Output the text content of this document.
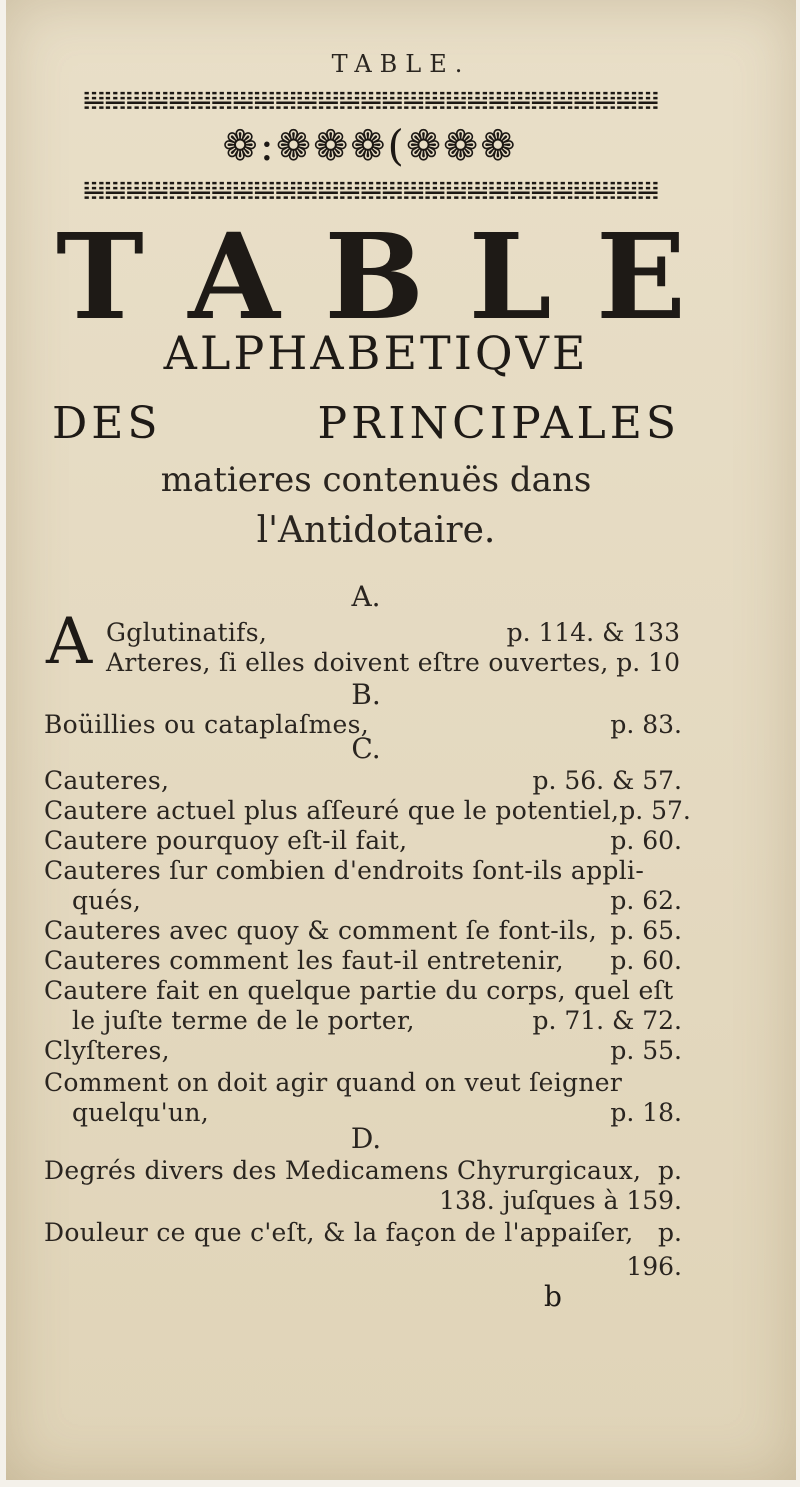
TABLE.
𝍐𝍐𝍐𝍐𝍐𝍐𝍐𝍐𝍐𝍐𝍐𝍐𝍐𝍐𝍐𝍐𝍐𝍐𝍐𝍐𝍐𝍐𝍐𝍐𝍐𝍐𝍐
❁:❁❁❁(❁❁❁
𝍐𝍐𝍐𝍐𝍐𝍐𝍐𝍐𝍐𝍐𝍐𝍐𝍐𝍐𝍐𝍐𝍐𝍐𝍐𝍐𝍐𝍐𝍐𝍐𝍐𝍐𝍐
T A B L E
ALPHABETIQVE
DES PRINCIPALES
matieres contenuës dans
l'Antidotaire.
A.
A Gglutinatifs,	p. 114. & 133
Arteres, ſi elles doivent eſtre ouvertes, p. 10
B.
Boüillies ou cataplaſmes,	p. 83.
C.
Cauteres,	p. 56. & 57.
Cautere actuel plus aſſeuré que le potentiel, p. 57.
Cautere pourquoy eſt-il fait,	p. 60.
Cauteres ſur combien d'endroits ſont-ils appli-
qués,	p. 62.
Cauteres avec quoy & comment ſe font-ils, p. 65.
Cauteres comment les faut-il entretenir, p. 60.
Cautere fait en quelque partie du corps, quel eſt
le juſte terme de le porter,	p. 71. & 72.
Clyſteres,	p. 55.
Comment on doit agir quand on veut ſeigner
quelqu'un,	p. 18.
D.
Degrés divers des Medicamens Chyrurgicaux, p.
138. juſques à 159.
Douleur ce que c'eſt, & la façon de l'appaiſer, p.
196.
b
